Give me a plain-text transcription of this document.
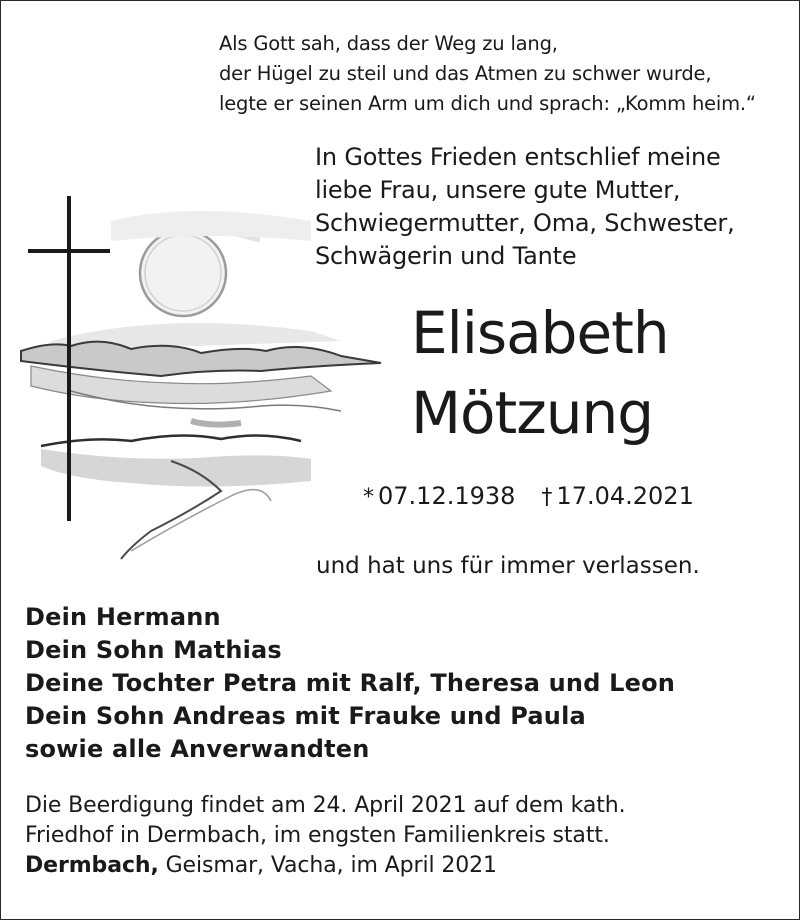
Als Gott sah, dass der Weg zu lang,
der Hügel zu steil und das Atmen zu schwer wurde,
legte er seinen Arm um dich und sprach: „Komm heim.“
In Gottes Frieden entschlief meine
liebe Frau, unsere gute Mutter,
Schwiegermutter, Oma, Schwester,
Schwägerin und Tante
Elisabeth
Mötzung
* 07.12.1938 † 17.04.2021
und hat uns für immer verlassen.
Dein Hermann
Dein Sohn Mathias
Deine Tochter Petra mit Ralf, Theresa und Leon
Dein Sohn Andreas mit Frauke und Paula
sowie alle Anverwandten
Die Beerdigung findet am 24. April 2021 auf dem kath.
Friedhof in Dermbach, im engsten Familienkreis statt.
Dermbach, Geismar, Vacha, im April 2021
